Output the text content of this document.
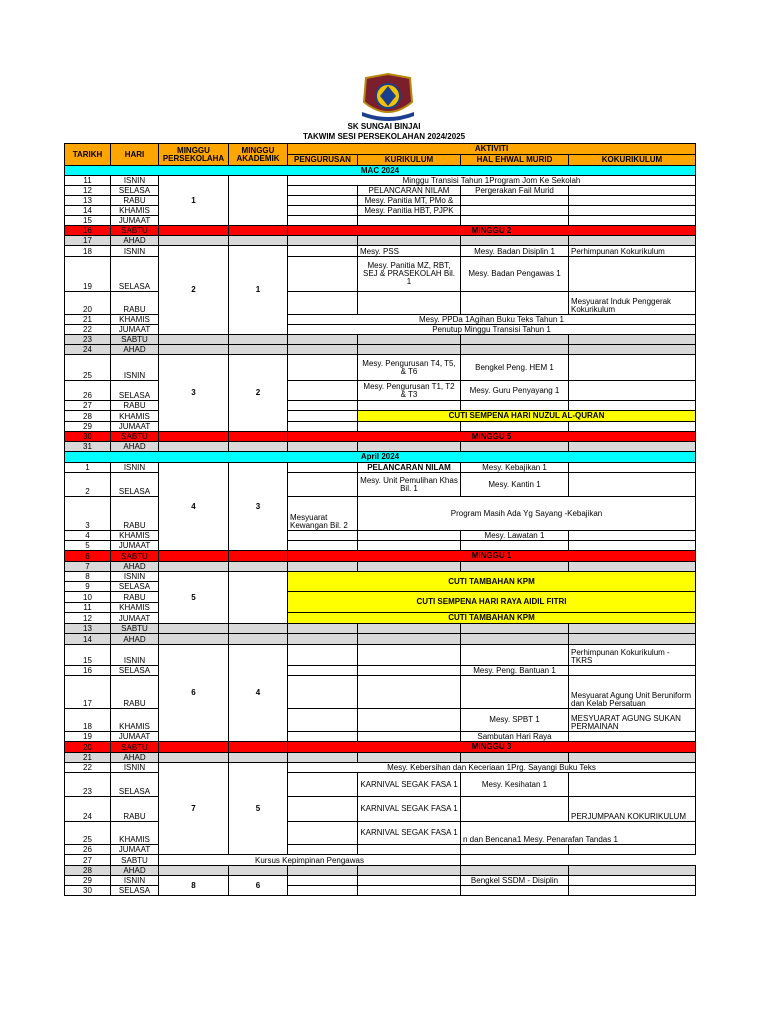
SK SUNGAI BINJAI
TAKWIM SESI PERSEKOLAHAN 2024/2025
TARIKH	HARI	MINGGU PERSEKOLAHA	MINGGU AKADEMIK	AKTIVITI			
				PENGURUSAN	KURIKULUM	HAL EHWAL MURID	KOKURIKULUM
MAC 2024							
11	ISNIN	1		Minggu Transisi Tahun 1Program Jom Ke Sekolah			
12	SELASA				PELANCARAN NILAM	Pergerakan Fail Murid	
13	RABU				Mesy. Panitia MT, PMo &		
14	KHAMIS				Mesy. Panitia HBT, PJPK		
15	JUMAAT						
16	SABTU			MINGGU 2			
17	AHAD						
18	ISNIN	2	1		Mesy. PSS	Mesy. Badan Disiplin 1	Perhimpunan Kokurikulum
19	SELASA				Mesy. Panitia MZ, RBT, SEJ & PRASEKOLAH Bil. 1	Mesy. Badan Pengawas 1	
20	RABU						Mesyuarat Induk Penggerak Kokurikulum
21	KHAMIS			Mesy. PPDa 1Agihan Buku Teks Tahun 1			
22	JUMAAT			Penutup Minggu Transisi Tahun 1			
23	SABTU						
24	AHAD						
25	ISNIN	3	2		Mesy. Pengurusan T4, T5, & T6	Bengkel Peng. HEM 1	
26	SELASA				Mesy. Pengurusan T1, T2 & T3	Mesy. Guru Penyayang 1	
27	RABU						
28	KHAMIS				CUTI SEMPENA HARI NUZUL AL-QURAN		
29	JUMAAT						
30	SABTU			MINGGU 5			
31	AHAD						
April 2024							
1	ISNIN	4	3		PELANCARAN NILAM	Mesy. Kebajikan 1	
2	SELASA				Mesy. Unit Pemulihan Khas Bil. 1	Mesy. Kantin 1	
3	RABU			Mesyuarat Kewangan Bil. 2	Program Masih Ada Yg Sayang -Kebajikan		
4	KHAMIS					Mesy. Lawatan 1	
5	JUMAAT						
6	SABTU			MINGGU 1			
7	AHAD						
8	ISNIN	5		CUTI TAMBAHAN KPM			
9	SELASA						
10	RABU			CUTI SEMPENA HARI RAYA AIDIL FITRI			
11	KHAMIS						
12	JUMAAT			CUTI TAMBAHAN KPM			
13	SABTU						
14	AHAD						
15	ISNIN	6	4				Perhimpunan Kokurikulum - TKRS
16	SELASA					Mesy. Peng. Bantuan 1	
17	RABU						Mesyuarat Agung Unit Beruniform dan Kelab Persatuan
18	KHAMIS					Mesy. SPBT 1	MESYUARAT AGUNG SUKAN PERMAINAN
19	JUMAAT					Sambutan Hari Raya	
20	SABTU			MINGGU 3			
21	AHAD						
22	ISNIN	7	5	Mesy. Kebersihan dan Keceriaan 1Prg. Sayangi Buku Teks			
23	SELASA				KARNIVAL SEGAK FASA 1	Mesy. Kesihatan 1	
24	RABU				KARNIVAL SEGAK FASA 1		PERJUMPAAN KOKURIKULUM
25	KHAMIS				KARNIVAL SEGAK FASA 1	n dan Bencana1 Mesy. Penarafan Tandas 1	
26	JUMAAT						
27	SABTU	Kursus Kepimpinan Pengawas					
28	AHAD						
29	ISNIN	8	6			Bengkel SSDM - Disiplin	
30	SELASA						
